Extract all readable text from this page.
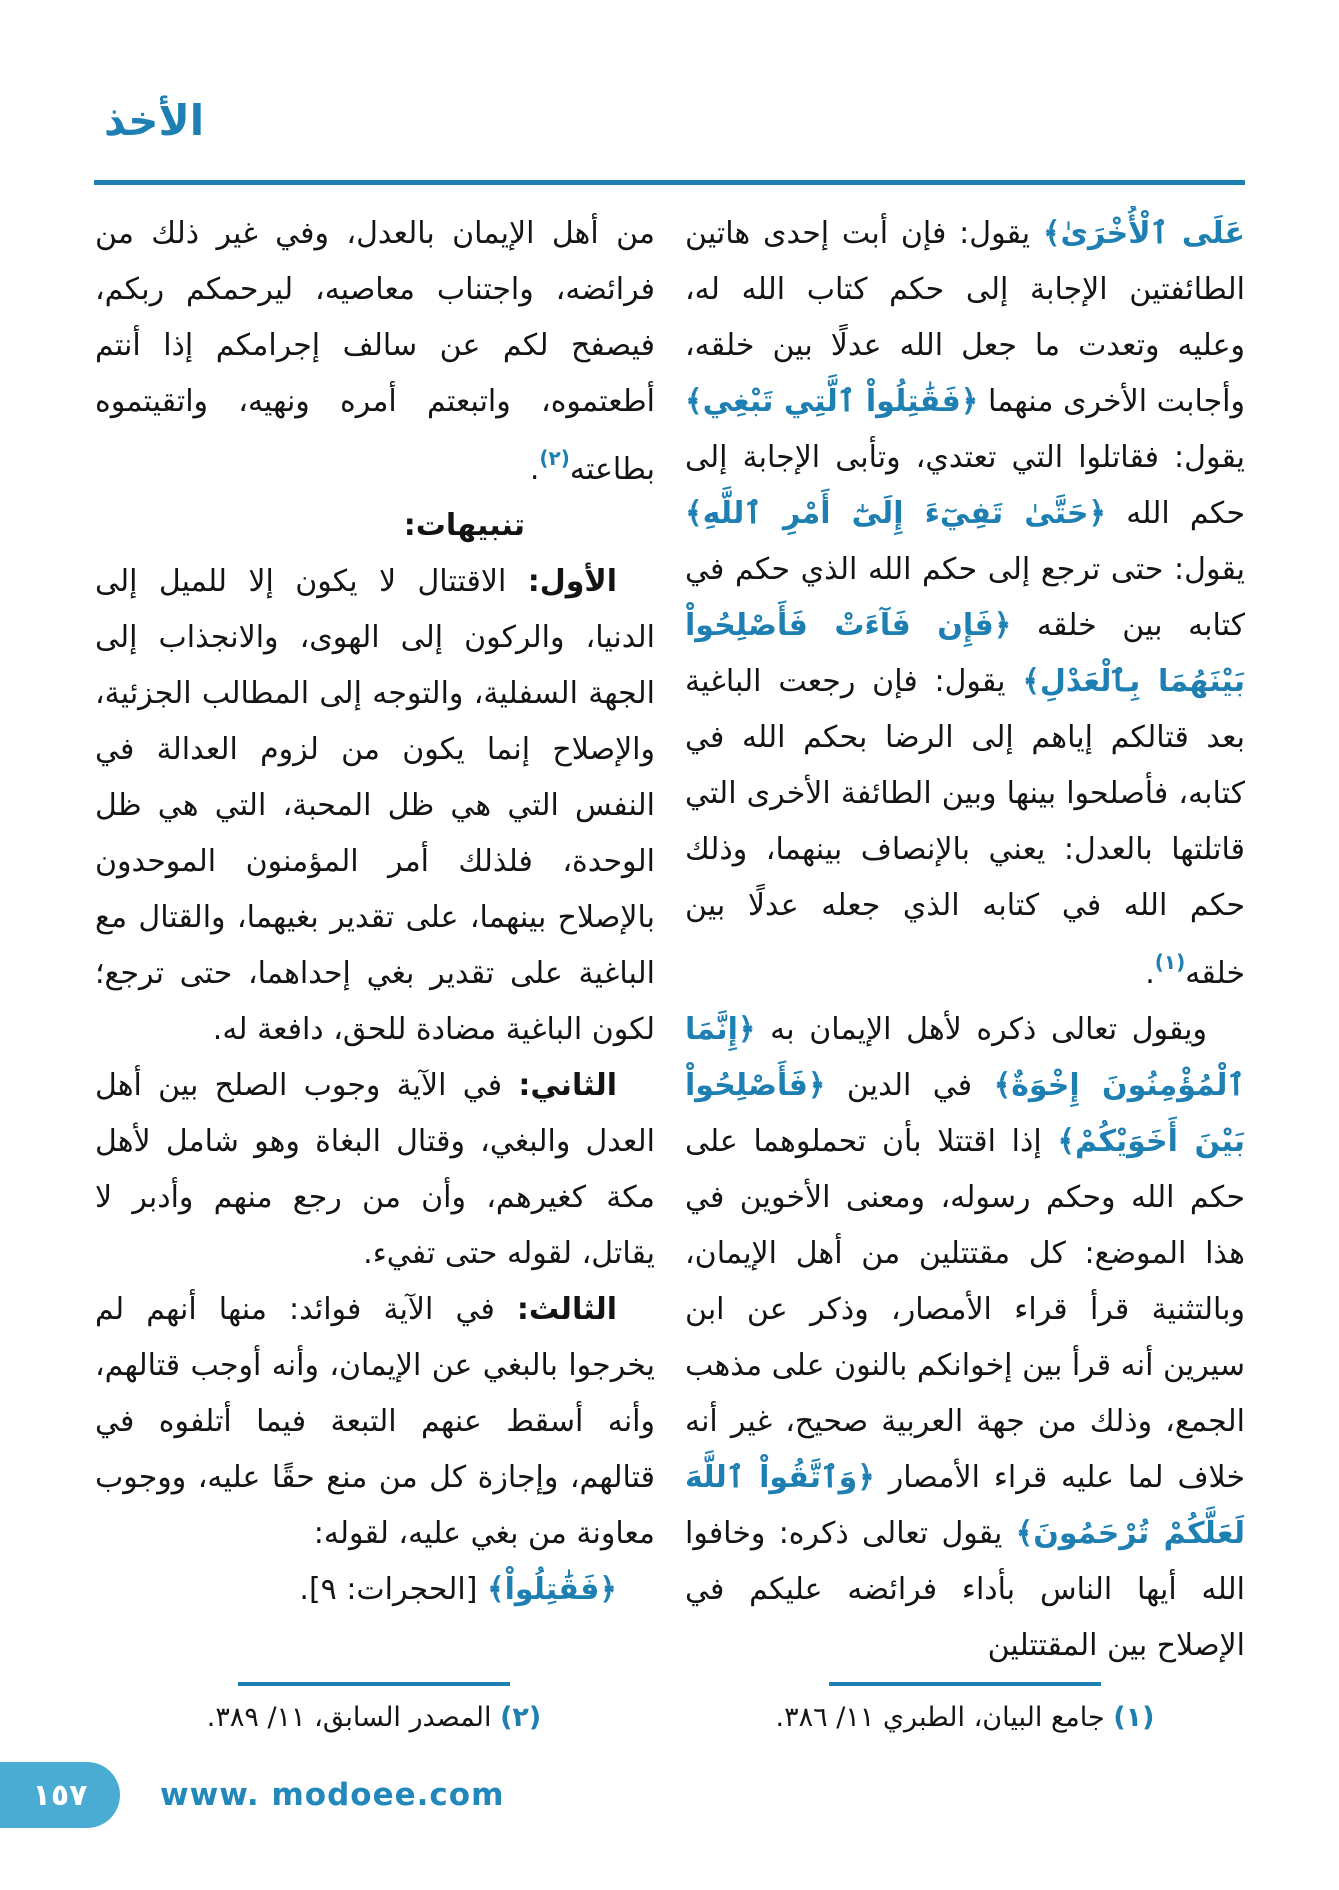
الأخذ

عَلَى ٱلْأُخْرَىٰ﴾ يقول: فإن أبت إحدى هاتين الطائفتين الإجابة إلى حكم كتاب الله له، وعليه وتعدت ما جعل الله عدلًا بين خلقه، وأجابت الأخرى منهما ﴿فَقَٰتِلُواْ ٱلَّتِي تَبْغِي﴾ يقول: فقاتلوا التي تعتدي، وتأبى الإجابة إلى حكم الله ﴿حَتَّىٰ تَفِيٓءَ إِلَىٰٓ أَمْرِ ٱللَّهِ﴾ يقول: حتى ترجع إلى حكم الله الذي حكم في كتابه بين خلقه ﴿فَإِن فَآءَتْ فَأَصْلِحُواْ بَيْنَهُمَا بِٱلْعَدْلِ﴾ يقول: فإن رجعت الباغية بعد قتالكم إياهم إلى الرضا بحكم الله في كتابه، فأصلحوا بينها وبين الطائفة الأخرى التي قاتلتها بالعدل: يعني بالإنصاف بينهما، وذلك حكم الله في كتابه الذي جعله عدلًا بين خلقه$^{(١)}$.

ويقول تعالى ذكره لأهل الإيمان به ﴿إِنَّمَا ٱلْمُؤْمِنُونَ إِخْوَةٌ﴾ في الدين ﴿فَأَصْلِحُواْ بَيْنَ أَخَوَيْكُمْ﴾ إذا اقتتلا بأن تحملوهما على حكم الله وحكم رسوله، ومعنى الأخوين في هذا الموضع: كل مقتتلين من أهل الإيمان، وبالتثنية قرأ قراء الأمصار، وذكر عن ابن سيرين أنه قرأ بين إخوانكم بالنون على مذهب الجمع، وذلك من جهة العربية صحيح، غير أنه خلاف لما عليه قراء الأمصار ﴿وَٱتَّقُواْ ٱللَّهَ لَعَلَّكُمْ تُرْحَمُونَ﴾ يقول تعالى ذكره: وخافوا الله أيها الناس بأداء فرائضه عليكم في الإصلاح بين المقتتلين

من أهل الإيمان بالعدل، وفي غير ذلك من فرائضه، واجتناب معاصيه، ليرحمكم ربكم، فيصفح لكم عن سالف إجرامكم إذا أنتم أطعتموه، واتبعتم أمره ونهيه، واتقيتموه بطاعته$^{(٢)}$.

تنبيهات:

الأول: الاقتتال لا يكون إلا للميل إلى الدنيا، والركون إلى الهوى، والانجذاب إلى الجهة السفلية، والتوجه إلى المطالب الجزئية، والإصلاح إنما يكون من لزوم العدالة في النفس التي هي ظل المحبة، التي هي ظل الوحدة، فلذلك أمر المؤمنون الموحدون بالإصلاح بينهما، على تقدير بغيهما، والقتال مع الباغية على تقدير بغي إحداهما، حتى ترجع؛ لكون الباغية مضادة للحق، دافعة له.

الثاني: في الآية وجوب الصلح بين أهل العدل والبغي، وقتال البغاة وهو شامل لأهل مكة كغيرهم، وأن من رجع منهم وأدبر لا يقاتل، لقوله حتى تفيء.

الثالث: في الآية فوائد: منها أنهم لم يخرجوا بالبغي عن الإيمان، وأنه أوجب قتالهم، وأنه أسقط عنهم التبعة فيما أتلفوه في قتالهم، وإجازة كل من منع حقًا عليه، ووجوب معاونة من بغي عليه، لقوله:

﴿فَقَٰتِلُواْ﴾ [الحجرات: ٩].

(١) جامع البيان، الطبري ١١/ ٣٨٦.

(٢) المصدر السابق، ١١/ ٣٨٩.

١٥٧ www. modoee.com
